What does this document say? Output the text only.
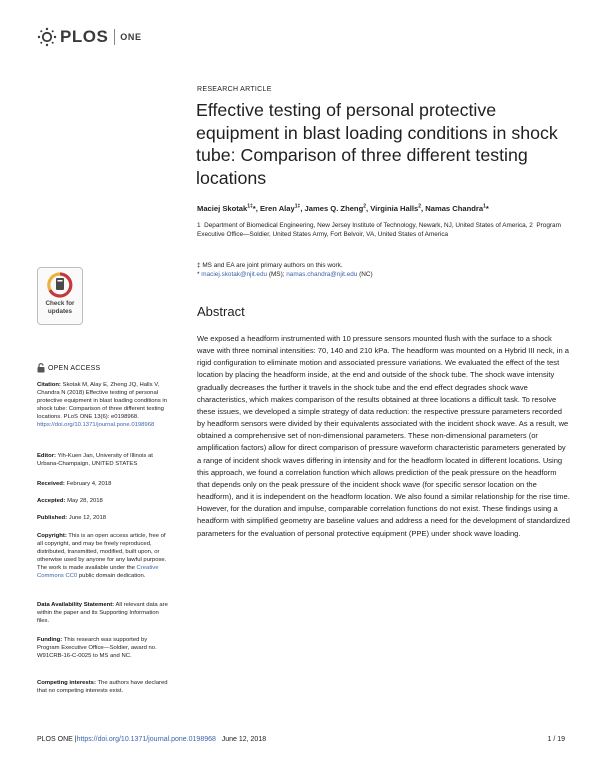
PLOS ONE
RESEARCH ARTICLE
Effective testing of personal protective equipment in blast loading conditions in shock tube: Comparison of three different testing locations
Maciej Skotak$^{1\ddagger}$*, Eren Alay$^{1\ddagger}$, James Q. Zheng$^2$, Virginia Halls$^2$, Namas Chandra$^1$*
1 Department of Biomedical Engineering, New Jersey Institute of Technology, Newark, NJ, United States of America, 2 Program Executive Office—Soldier, United States Army, Fort Belvoir, VA, United States of America
‡ MS and EA are joint primary authors on this work.
* maciej.skotak@njit.edu (MS); namas.chandra@njit.edu (NC)
Check for
updates
OPEN ACCESS
Citation: Skotak M, Alay E, Zheng JQ, Halls V, Chandra N (2018) Effective testing of personal protective equipment in blast loading conditions in shock tube: Comparison of three different testing locations. PLoS ONE 13(6): e0198968. https://doi.org/10.1371/journal.pone.0198968
Editor: Yih-Kuen Jan, University of Illinois at Urbana-Champaign, UNITED STATES
Received: February 4, 2018
Accepted: May 28, 2018
Published: June 12, 2018
Copyright: This is an open access article, free of all copyright, and may be freely reproduced, distributed, transmitted, modified, built upon, or otherwise used by anyone for any lawful purpose. The work is made available under the Creative Commons CC0 public domain dedication.
Data Availability Statement: All relevant data are within the paper and its Supporting Information files.
Funding: This research was supported by Program Executive Office—Soldier, award no. W91CRB-16-C-0025 to MS and NC.
Competing interests: The authors have declared that no competing interests exist.
Abstract

We exposed a headform instrumented with 10 pressure sensors mounted flush with the surface to a shock wave with three nominal intensities: 70, 140 and 210 kPa. The headform was mounted on a Hybrid III neck, in a rigid configuration to eliminate motion and associated pressure variations. We evaluated the effect of the test location by placing the headform inside, at the end and outside of the shock tube. The shock wave intensity gradually decreases the further it travels in the shock tube and the end effect degrades shock wave characteristics, which makes comparison of the results obtained at three locations a difficult task. To resolve these issues, we developed a simple strategy of data reduction: the respective pressure parameters recorded by headform sensors were divided by their equivalents associated with the incident shock wave. As a result, we obtained a comprehensive set of non-dimensional parameters. These non-dimensional parameters (or amplification factors) allow for direct comparison of pressure waveform characteristic parameters generated by a range of incident shock waves differing in intensity and for the headform located in different locations. Using this approach, we found a correlation function which allows prediction of the peak pressure on the headform that depends only on the peak pressure of the incident shock wave (for specific sensor location on the headform), and it is independent on the headform location. We also found a similar relationship for the rise time. However, for the duration and impulse, comparable correlation functions do not exist. These findings using a headform with simplified geometry are baseline values and address a need for the development of standardized parameters for the evaluation of personal protective equipment (PPE) under shock wave loading.

PLOS ONE | https://doi.org/10.1371/journal.pone.0198968 June 12, 2018	1 / 19
